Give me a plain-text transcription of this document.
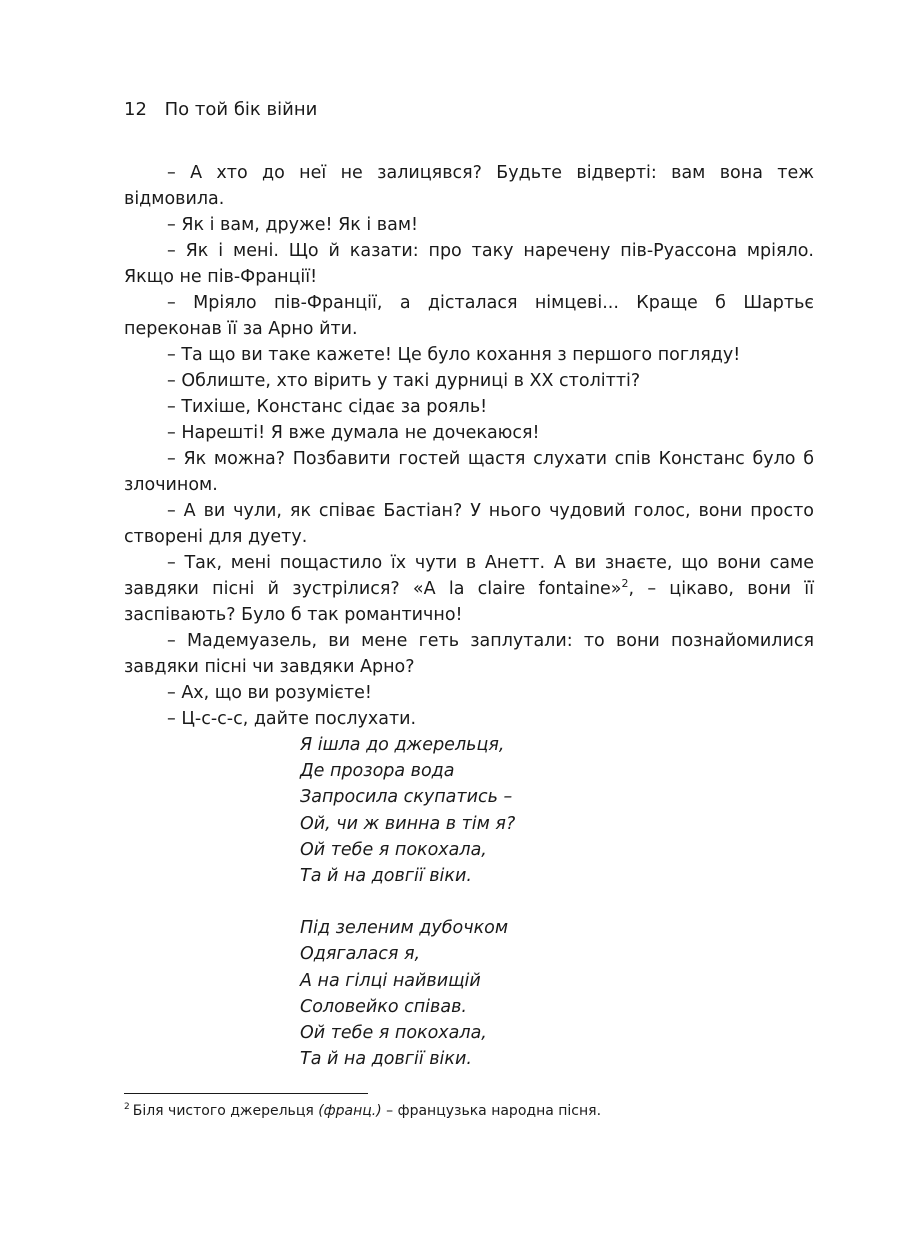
12 По той бік війни

– А хто до неї не залицявся? Будьте відверті: вам вона теж відмовила.

– Як і вам, друже! Як і вам!

– Як і мені. Що й казати: про таку наречену пів-Руассона мріяло. Якщо не пів-Франції!

– Мріяло пів-Франції, а дісталася німцеві... Краще б Шартьє переконав її за Арно йти.

– Та що ви таке кажете! Це було кохання з першого погляду!

– Облиште, хто вірить у такі дурниці в XX столітті?

– Тихіше, Констанс сідає за рояль!

– Нарешті! Я вже думала не дочекаюся!

– Як можна? Позбавити гостей щастя слухати спів Констанс було б злочином.

– А ви чули, як співає Бастіан? У нього чудовий голос, вони просто створені для дуету.

– Так, мені пощастило їх чути в Анетт. А ви знаєте, що вони саме завдяки пісні й зустрілися? «A la claire fontaine»$^2$, – цікаво, вони її заспівають? Було б так романтично!

– Мадемуазель, ви мене геть заплутали: то вони познайомилися завдяки пісні чи завдяки Арно?

– Ах, що ви розумієте!

– Ц-с-с-с, дайте послухати.

Я ішла до джерельця,
Де прозора вода
Запросила скупатись –
Ой, чи ж винна в тім я?
Ой тебе я покохала,
Та й на довгії віки.
Під зеленим дубочком
Одягалася я,
А на гілці найвищій
Соловейко співав.
Ой тебе я покохала,
Та й на довгії віки.
$^2$ Біля чистого джерельця (франц.) – французька народна пісня.
